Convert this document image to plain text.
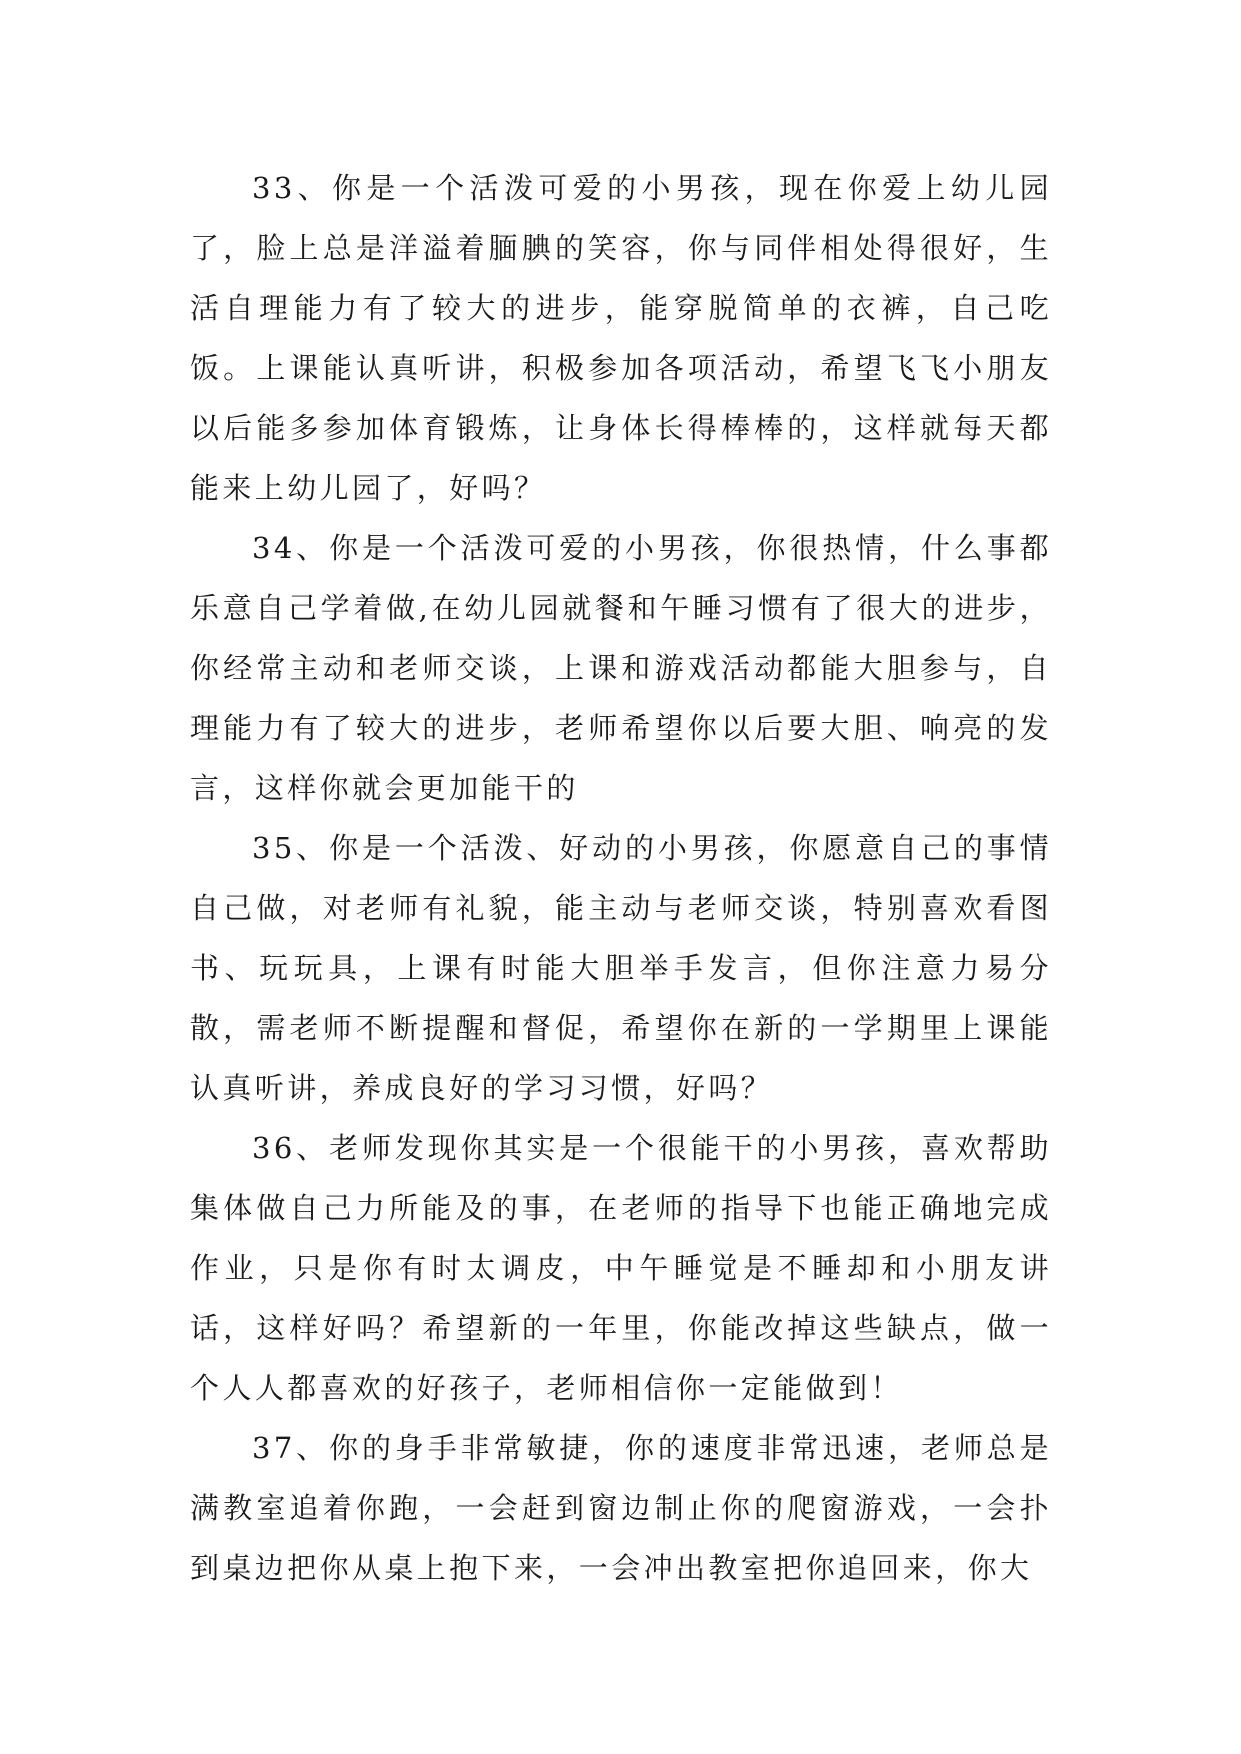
33、你是一个活泼可爱的小男孩，现在你爱上幼儿园了，脸上总是洋溢着腼腆的笑容，你与同伴相处得很好，生活自理能力有了较大的进步，能穿脱简单的衣裤，自己吃饭。上课能认真听讲，积极参加各项活动，希望飞飞小朋友以后能多参加体育锻炼，让身体长得棒棒的，这样就每天都能来上幼儿园了，好吗？

34、你是一个活泼可爱的小男孩，你很热情，什么事都乐意自己学着做,在幼儿园就餐和午睡习惯有了很大的进步，你经常主动和老师交谈，上课和游戏活动都能大胆参与，自理能力有了较大的进步，老师希望你以后要大胆、响亮的发言，这样你就会更加能干的

35、你是一个活泼、好动的小男孩，你愿意自己的事情自己做，对老师有礼貌，能主动与老师交谈，特别喜欢看图书、玩玩具，上课有时能大胆举手发言，但你注意力易分散，需老师不断提醒和督促，希望你在新的一学期里上课能认真听讲，养成良好的学习习惯，好吗？

36、老师发现你其实是一个很能干的小男孩，喜欢帮助集体做自己力所能及的事，在老师的指导下也能正确地完成作业，只是你有时太调皮，中午睡觉是不睡却和小朋友讲话，这样好吗？希望新的一年里，你能改掉这些缺点，做一个人人都喜欢的好孩子，老师相信你一定能做到！

37、你的身手非常敏捷，你的速度非常迅速，老师总是满教室追着你跑，一会赶到窗边制止你的爬窗游戏，一会扑到桌边把你从桌上抱下来，一会冲出教室把你追回来，你大
